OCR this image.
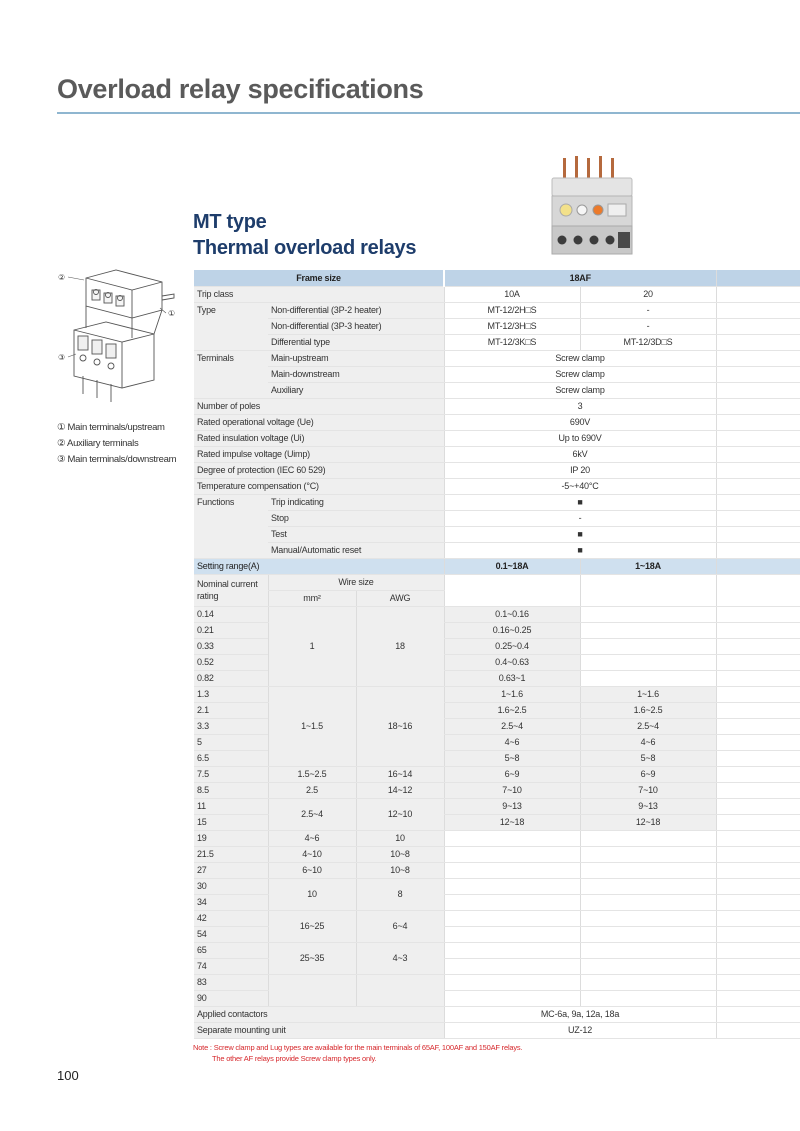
Overload relay specifications
MT type
Thermal overload relays
②
①
③
① Main terminals/upstream
② Auxiliary terminals
③ Main terminals/downstream
Frame size			18AF		
Trip class			10A	20	
Type	Non-differential (3P-2 heater)		MT-12/2H□S	-	
	Non-differential (3P-3 heater)		MT-12/3H□S	-	
	Differential type		MT-12/3K□S	MT-12/3D□S	
Terminals	Main-upstream		Screw clamp		
	Main-downstream		Screw clamp		
	Auxiliary		Screw clamp		
Number of poles			3		
Rated operational voltage (Ue)			690V		
Rated insulation voltage (Ui)			Up to 690V		
Rated impulse voltage (Uimp)			6kV		
Degree of protection (IEC 60 529)			IP 20		
Temperature compensation (°C)			-5~+40°C		
Functions	Trip indicating		■		
	Stop		-		
	Test		■		
	Manual/Automatic reset		■		
Setting range(A)			0.1~18A	1~18A	
Nominal current rating	Wire size				
	mm²	AWG			
0.14	1	18	0.1~0.16		
0.21			0.16~0.25		
0.33			0.25~0.4		
0.52			0.4~0.63		
0.82			0.63~1		
1.3	1~1.5	18~16	1~1.6	1~1.6	
2.1			1.6~2.5	1.6~2.5	
3.3			2.5~4	2.5~4	
5			4~6	4~6	
6.5			5~8	5~8	
7.5	1.5~2.5	16~14	6~9	6~9	
8.5	2.5	14~12	7~10	7~10	
11	2.5~4	12~10	9~13	9~13	
15			12~18	12~18	
19	4~6	10			
21.5	4~10	10~8			
27	6~10	10~8			
30	10	8			
34					
42	16~25	6~4			
54					
65	25~35	4~3			
74					
83					
90					
Applied contactors			MC-6a, 9a, 12a, 18a		
Separate mounting unit			UZ-12		
Note : Screw clamp and Lug types are available for the main terminals of 65AF, 100AF and 150AF relays.
The other AF relays provide Screw clamp types only.
100
